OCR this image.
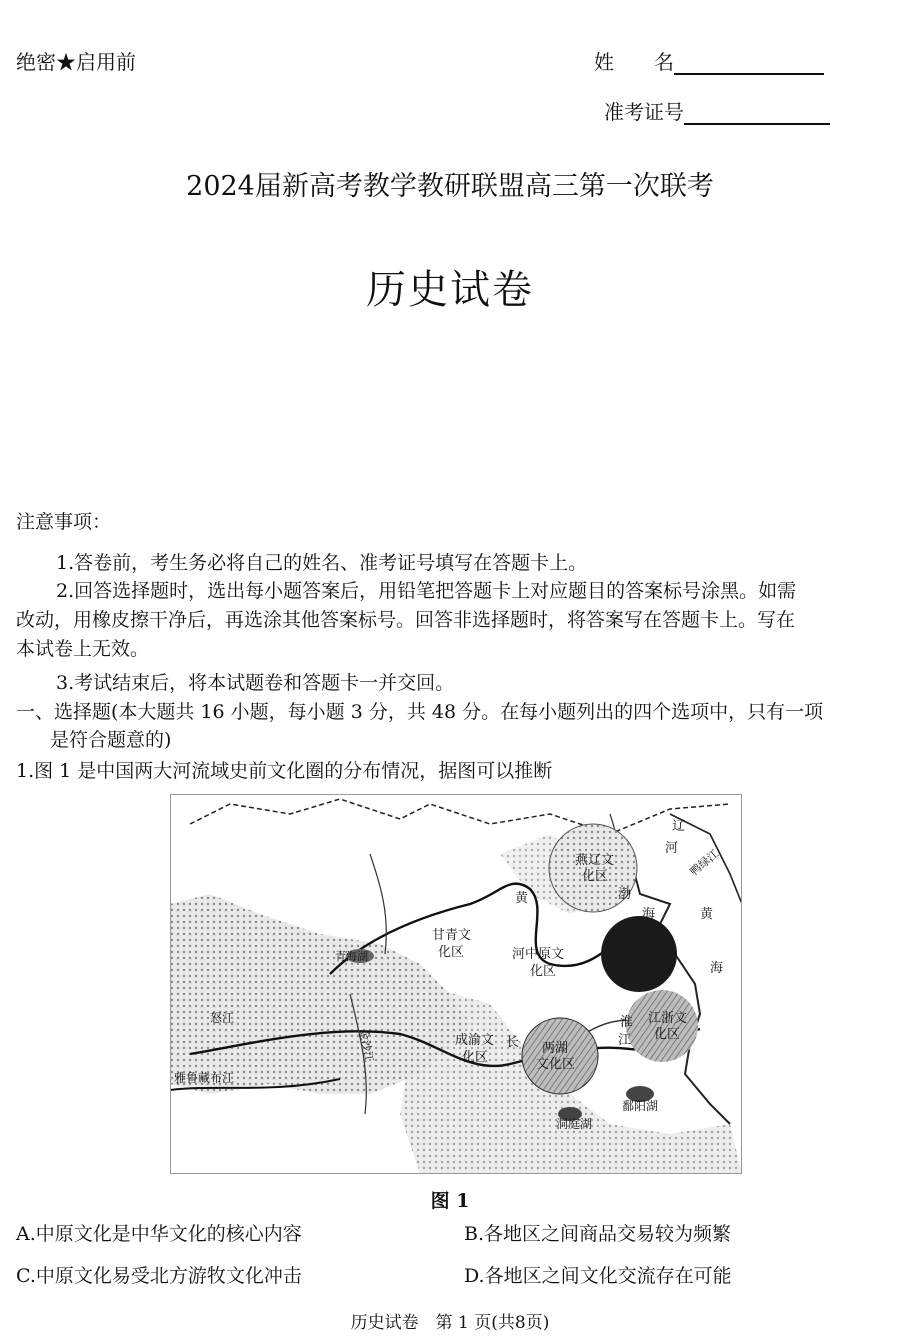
绝密★启用前	姓　　名
准考证号
2024届新高考教学教研联盟高三第一次联考
历史试卷
注意事项：
1.答卷前，考生务必将自己的姓名、准考证号填写在答题卡上。
2.回答选择题时，选出每小题答案后，用铅笔把答题卡上对应题目的答案标号涂黑。如需
改动，用橡皮擦干净后，再选涂其他答案标号。回答非选择题时，将答案写在答题卡上。写在
本试卷上无效。
3.考试结束后，将本试题卷和答题卡一并交回。
一、选择题(本大题共 16 小题，每小题 3 分，共 48 分。在每小题列出的四个选项中，只有一项
是符合题意的)
1.图 1 是中国两大河流域史前文化圈的分布情况，据图可以推断
燕辽文
化区
甘青文
化区	河中原文
化区
成渝文
化区
江浙文
化区
两湖
文化区
青海湖
渤
海
黄
黄
海
辽
河 鸭绿江
长	江
淮
鄱阳湖
洞庭湖
雅鲁藏布江
怒江
金沙江
图 1
A.中原文化是中华文化的核心内容	B.各地区之间商品交易较为频繁
C.中原文化易受北方游牧文化冲击	D.各地区之间文化交流存在可能
历史试卷　第 1 页(共8页)
